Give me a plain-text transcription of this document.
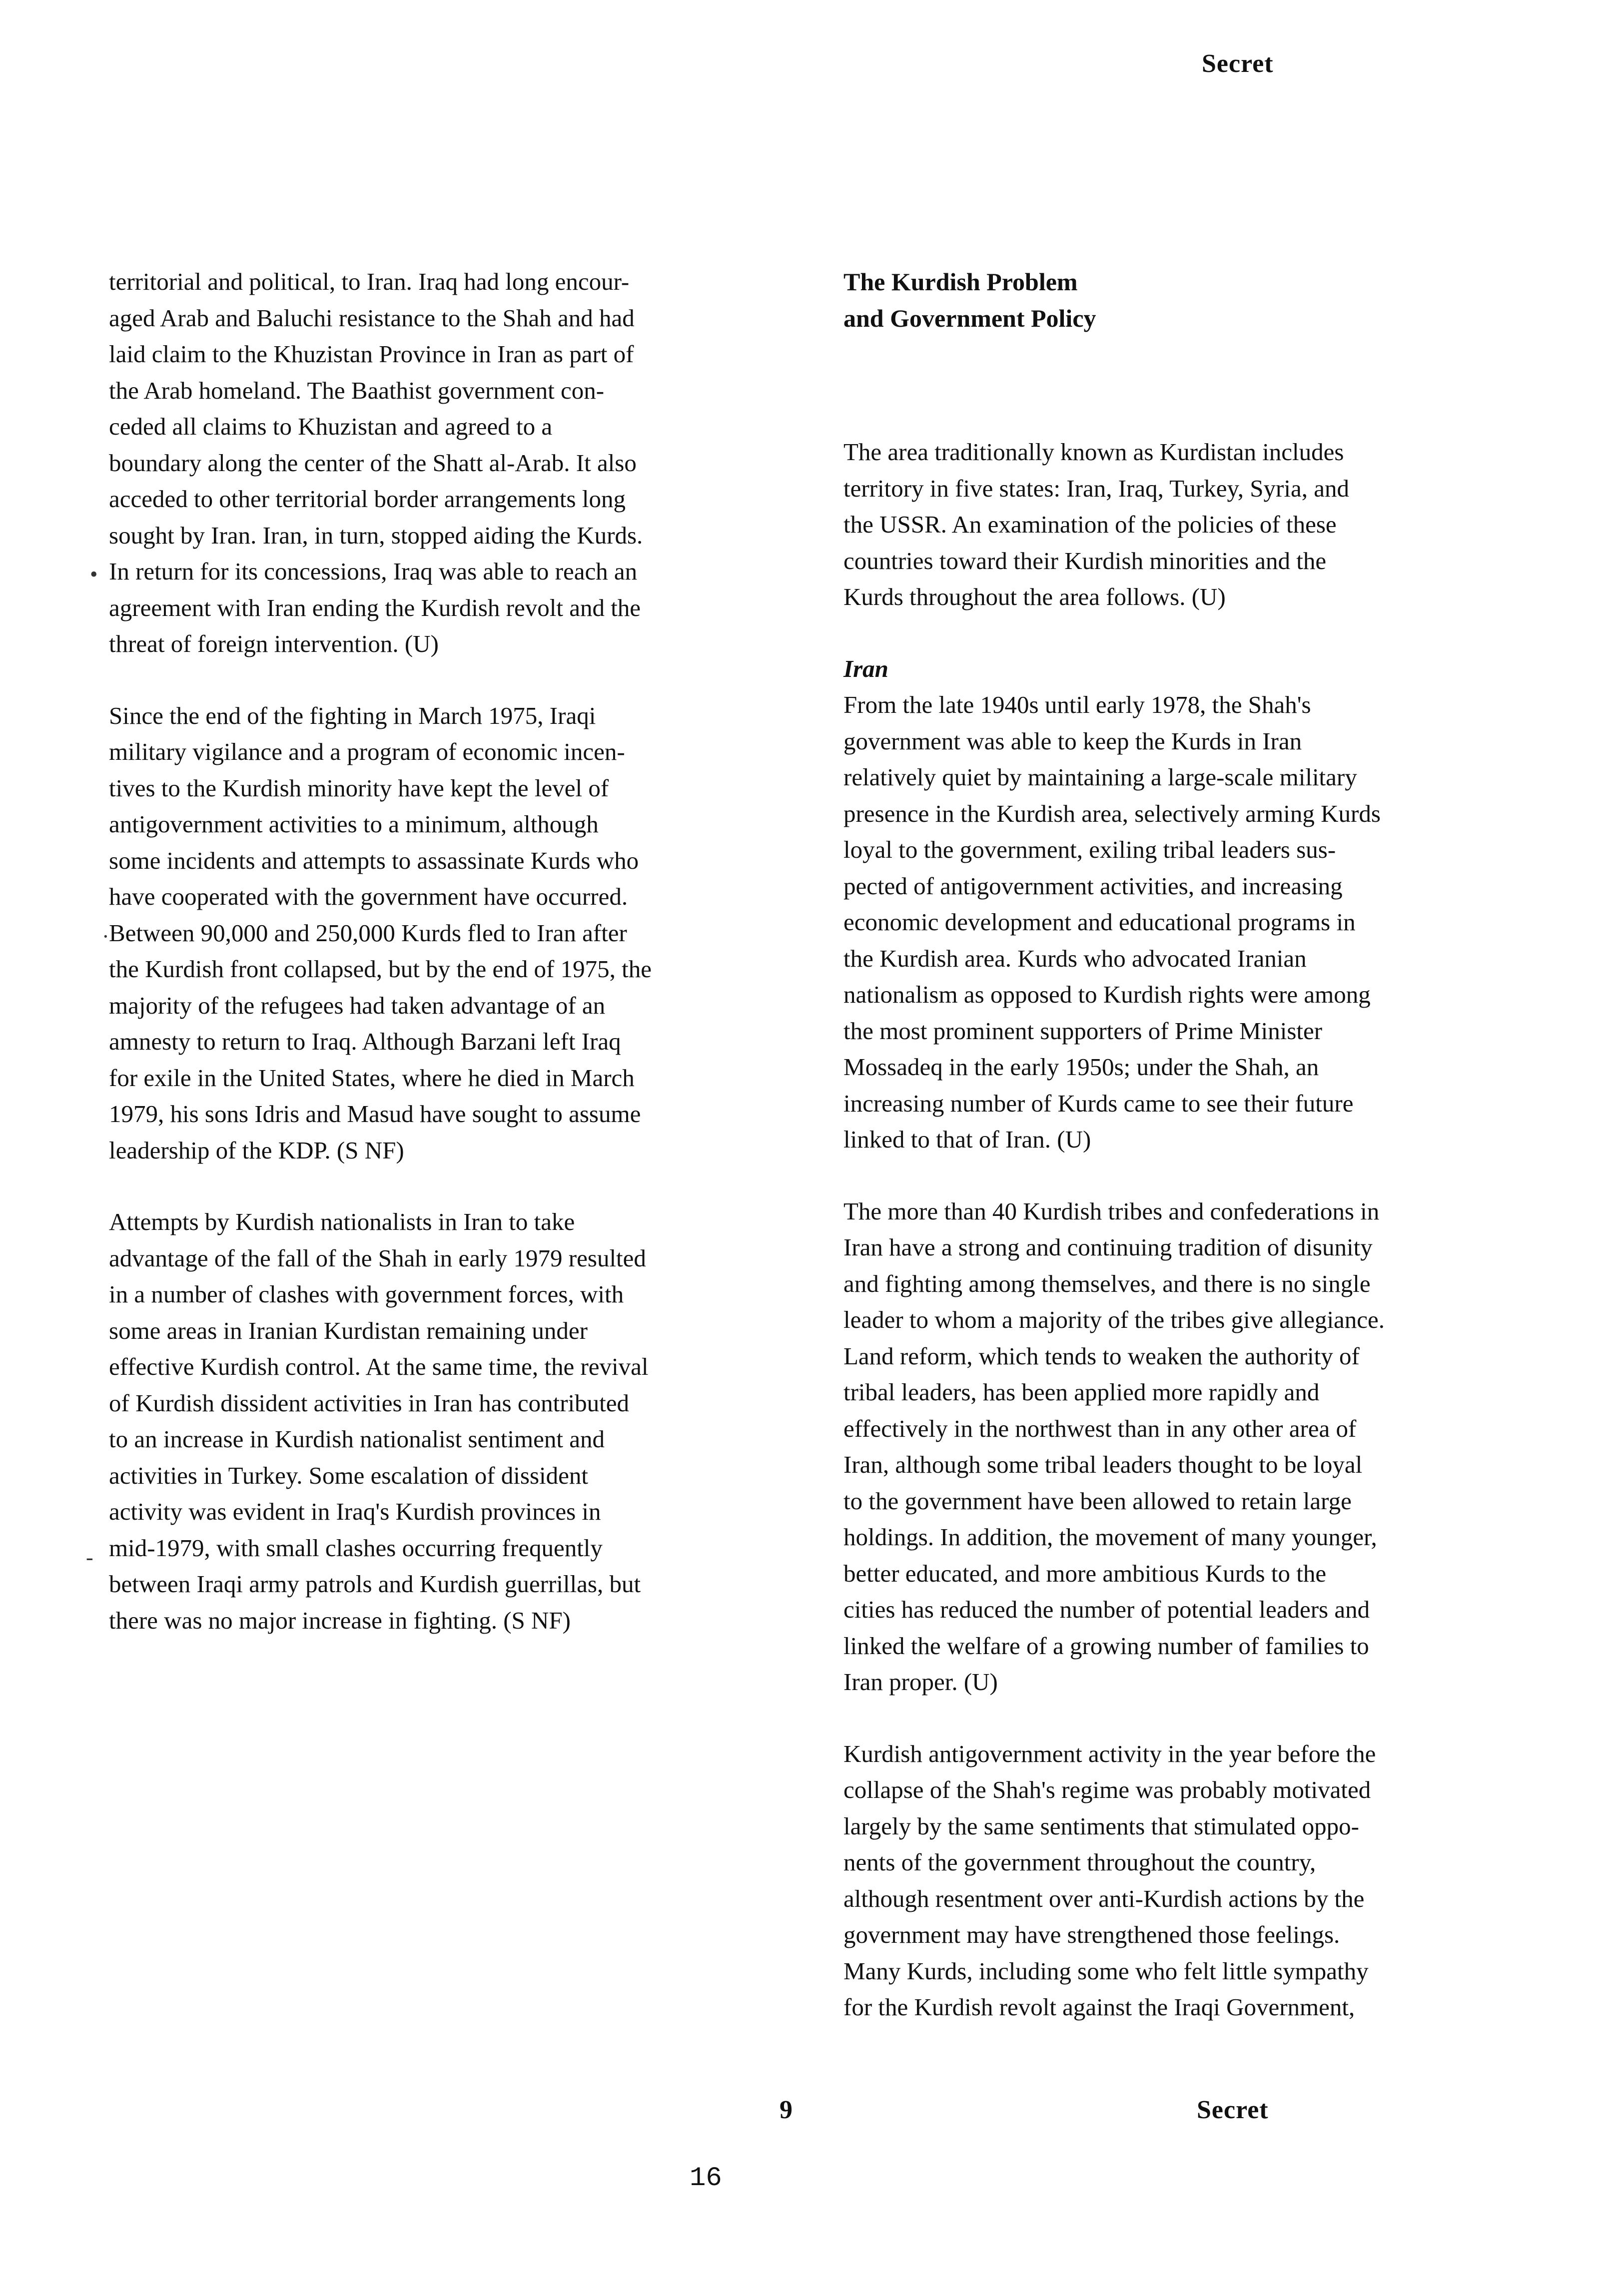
Secret
•
·
-

territorial and political, to Iran. Iraq had long encour-
aged Arab and Baluchi resistance to the Shah and had
laid claim to the Khuzistan Province in Iran as part of
the Arab homeland. The Baathist government con-
ceded all claims to Khuzistan and agreed to a
boundary along the center of the Shatt al-Arab. It also
acceded to other territorial border arrangements long
sought by Iran. Iran, in turn, stopped aiding the Kurds.
In return for its concessions, Iraq was able to reach an
agreement with Iran ending the Kurdish revolt and the
threat of foreign intervention. (U)

Since the end of the fighting in March 1975, Iraqi
military vigilance and a program of economic incen-
tives to the Kurdish minority have kept the level of
antigovernment activities to a minimum, although
some incidents and attempts to assassinate Kurds who
have cooperated with the government have occurred.
Between 90,000 and 250,000 Kurds fled to Iran after
the Kurdish front collapsed, but by the end of 1975, the
majority of the refugees had taken advantage of an
amnesty to return to Iraq. Although Barzani left Iraq
for exile in the United States, where he died in March
1979, his sons Idris and Masud have sought to assume
leadership of the KDP. (S NF)

Attempts by Kurdish nationalists in Iran to take
advantage of the fall of the Shah in early 1979 resulted
in a number of clashes with government forces, with
some areas in Iranian Kurdistan remaining under
effective Kurdish control. At the same time, the revival
of Kurdish dissident activities in Iran has contributed
to an increase in Kurdish nationalist sentiment and
activities in Turkey. Some escalation of dissident
activity was evident in Iraq's Kurdish provinces in
mid-1979, with small clashes occurring frequently
between Iraqi army patrols and Kurdish guerrillas, but
there was no major increase in fighting. (S NF)

The Kurdish Problem
and Government Policy

The area traditionally known as Kurdistan includes
territory in five states: Iran, Iraq, Turkey, Syria, and
the USSR. An examination of the policies of these
countries toward their Kurdish minorities and the
Kurds throughout the area follows. (U)

Iran

From the late 1940s until early 1978, the Shah's
government was able to keep the Kurds in Iran
relatively quiet by maintaining a large-scale military
presence in the Kurdish area, selectively arming Kurds
loyal to the government, exiling tribal leaders sus-
pected of antigovernment activities, and increasing
economic development and educational programs in
the Kurdish area. Kurds who advocated Iranian
nationalism as opposed to Kurdish rights were among
the most prominent supporters of Prime Minister
Mossadeq in the early 1950s; under the Shah, an
increasing number of Kurds came to see their future
linked to that of Iran. (U)

The more than 40 Kurdish tribes and confederations in
Iran have a strong and continuing tradition of disunity
and fighting among themselves, and there is no single
leader to whom a majority of the tribes give allegiance.
Land reform, which tends to weaken the authority of
tribal leaders, has been applied more rapidly and
effectively in the northwest than in any other area of
Iran, although some tribal leaders thought to be loyal
to the government have been allowed to retain large
holdings. In addition, the movement of many younger,
better educated, and more ambitious Kurds to the
cities has reduced the number of potential leaders and
linked the welfare of a growing number of families to
Iran proper. (U)

Kurdish antigovernment activity in the year before the
collapse of the Shah's regime was probably motivated
largely by the same sentiments that stimulated oppo-
nents of the government throughout the country,
although resentment over anti-Kurdish actions by the
government may have strengthened those feelings.
Many Kurds, including some who felt little sympathy
for the Kurdish revolt against the Iraqi Government,

9	Secret
16
